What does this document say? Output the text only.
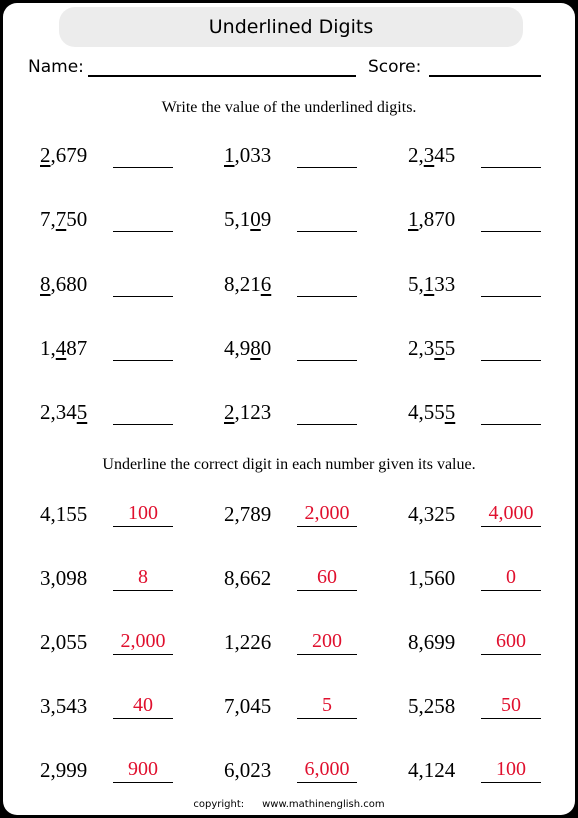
Underlined Digits
Name:	Score:
Write the value of the underlined digits.
2,679	1,033	2,345
7,750	5,109	1,870
8,680	8,216	5,133
1,487	4,980	2,355
2,345	2,123	4,555
Underline the correct digit in each number given its value.
4,155	100	2,789	2,000	4,325	4,000
3,098	8	8,662	60	1,560	0
2,055	2,000	1,226	200	8,699	600
3,543	40	7,045	5	5,258	50
2,999	900	6,023	6,000	4,124	100
copyright: www.mathinenglish.com
